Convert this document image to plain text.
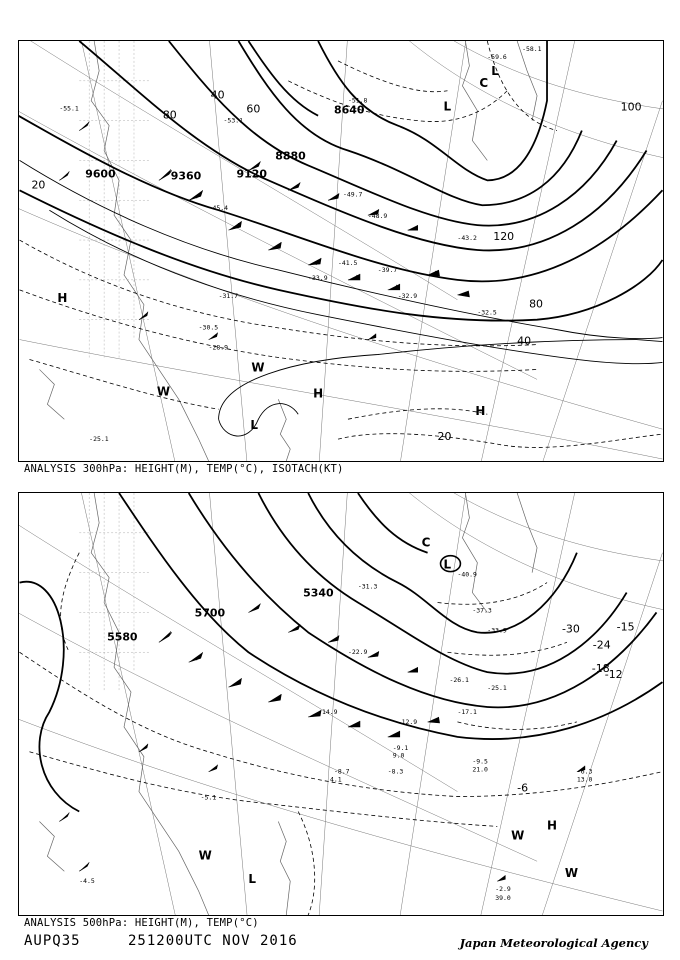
-59.6
-58.1
-55.1
-53.1
-51.8
-49.7
-48.9
-45.4
-43.2
-41.5
-39.7
-33.9
-32.9
-32.5
-31.7
-30.5
-28.9
-25.1
9600	9360	9120
8880
8640
20
40
60
80
100
120
80
40
20
H
H
H
L
L
L
W
W
C
ANALYSIS 300hPa: HEIGHT(M), TEMP(°C), ISOTACH(KT)
-40.9
-37.3
-33.9
-31.3
-26.1
-25.1
-22.9
-17.1
-14.9
-12.9
-9.5
-9.1
-8.7	-8.3	-6.3
-5.1
-4.5
-2.9
39.0
21.0
13.0
9.0
4.1
5700
5580
5340
-30
-24
-18
-12
-6
-15
H
L
L
W
W
W
C
ANALYSIS 500hPa: HEIGHT(M), TEMP(°C)
AUPQ35	251200UTC NOV 2016	Japan Meteorological Agency
